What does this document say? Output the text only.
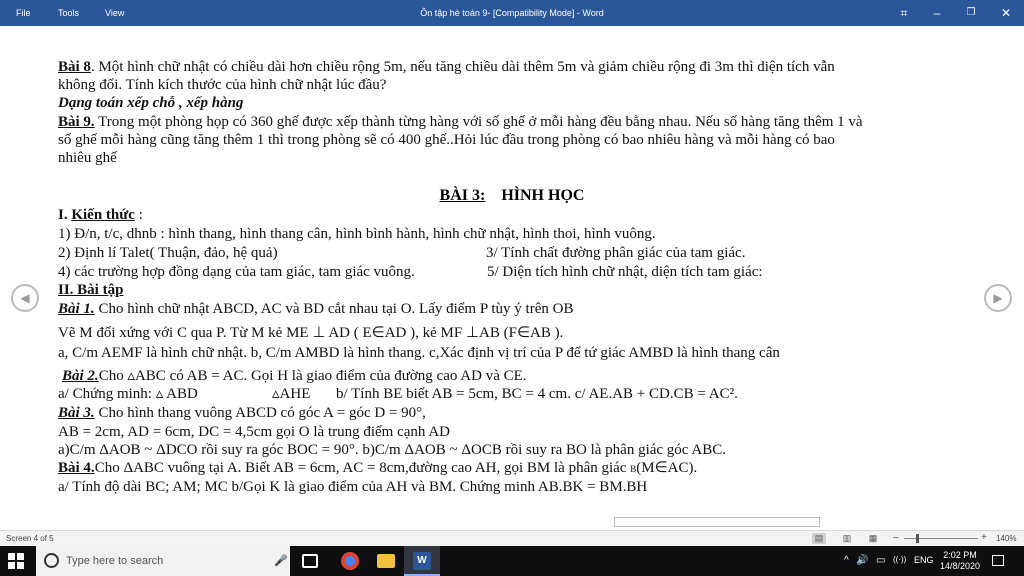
File	Tools	View	Ôn tập hè toán 9- [Compatibility Mode] - Word	⌗	–	❐	✕
Bài 8. Một hình chữ nhật có chiều dài hơn chiều rộng 5m, nếu tăng chiều dài thêm 5m và giảm chiều rộng đi 3m thì diện tích vẫn
không đổi. Tính kích thước của hình chữ nhật lúc đầu?
Dạng toán xếp chỗ , xếp hàng
Bài 9. Trong một phòng họp có 360 ghế được xếp thành từng hàng với số ghế ở mỗi hàng đều bằng nhau. Nếu số hàng tăng thêm 1 và
số ghế mỗi hàng cũng tăng thêm 1 thì trong phòng sẽ có 400 ghế..Hỏi lúc đầu trong phòng có bao nhiêu hàng và mỗi hàng có bao
nhiêu ghế
BÀI 3: HÌNH HỌC
I. Kiến thức :
1) Đ/n, t/c, dhnb : hình thang, hình thang cân, hình bình hành, hình chữ nhật, hình thoi, hình vuông.
2) Định lí Talet( Thuận, đảo, hệ quả)	3/ Tính chất đường phân giác của tam giác.
4) các trường hợp đồng dạng của tam giác, tam giác vuông.	5/ Diện tích hình chữ nhật, diện tích tam giác:
II. Bài tập
Bài 1. Cho hình chữ nhật ABCD, AC và BD cắt nhau tại O. Lấy điểm P tùy ý trên OB
Vẽ M đối xứng với C qua P. Từ M kẻ ME ⊥ AD ( E∈AD ), kẻ MF ⊥AB (F∈AB ).
a, C/m AEMF là hình chữ nhật. b, C/m AMBD là hình thang. c,Xác định vị trí của P để tứ giác AMBD là hình thang cân
Bài 2.Cho ▵ABC có AB = AC. Gọi H là giao điểm của đường cao AD và CE.
a/ Chứng minh: ▵ ABD	▵AHE b/ Tính BE biết AB = 5cm, BC = 4 cm. c/ AE.AB + CD.CB = AC².
Bài 3. Cho hình thang vuông ABCD có góc A = góc D = 90°,
AB = 2cm, AD = 6cm, DC = 4,5cm gọi O là trung điểm cạnh AD
a)C/m ΔAOB ~ ΔDCO rồi suy ra góc BOC = 90°. b)C/m ΔAOB ~ ΔOCB rồi suy ra BO là phân giác góc ABC.
Bài 4.Cho ΔABC vuông tại A. Biết AB = 6cm, AC = 8cm,đường cao AH, gọi BM là phân giác B(M∈AC).
a/ Tính độ dài BC; AM; MC b/Gọi K là giao điểm của AH và BM. Chứng minh AB.BK = BM.BH
◀	▶
Screen 4 of 5	▤	▥	▦ –	+ 140%
Type here to search	🎤	W	^ 🔊 ▭ ((·)) ENG	2:02 PM
14/8/2020
